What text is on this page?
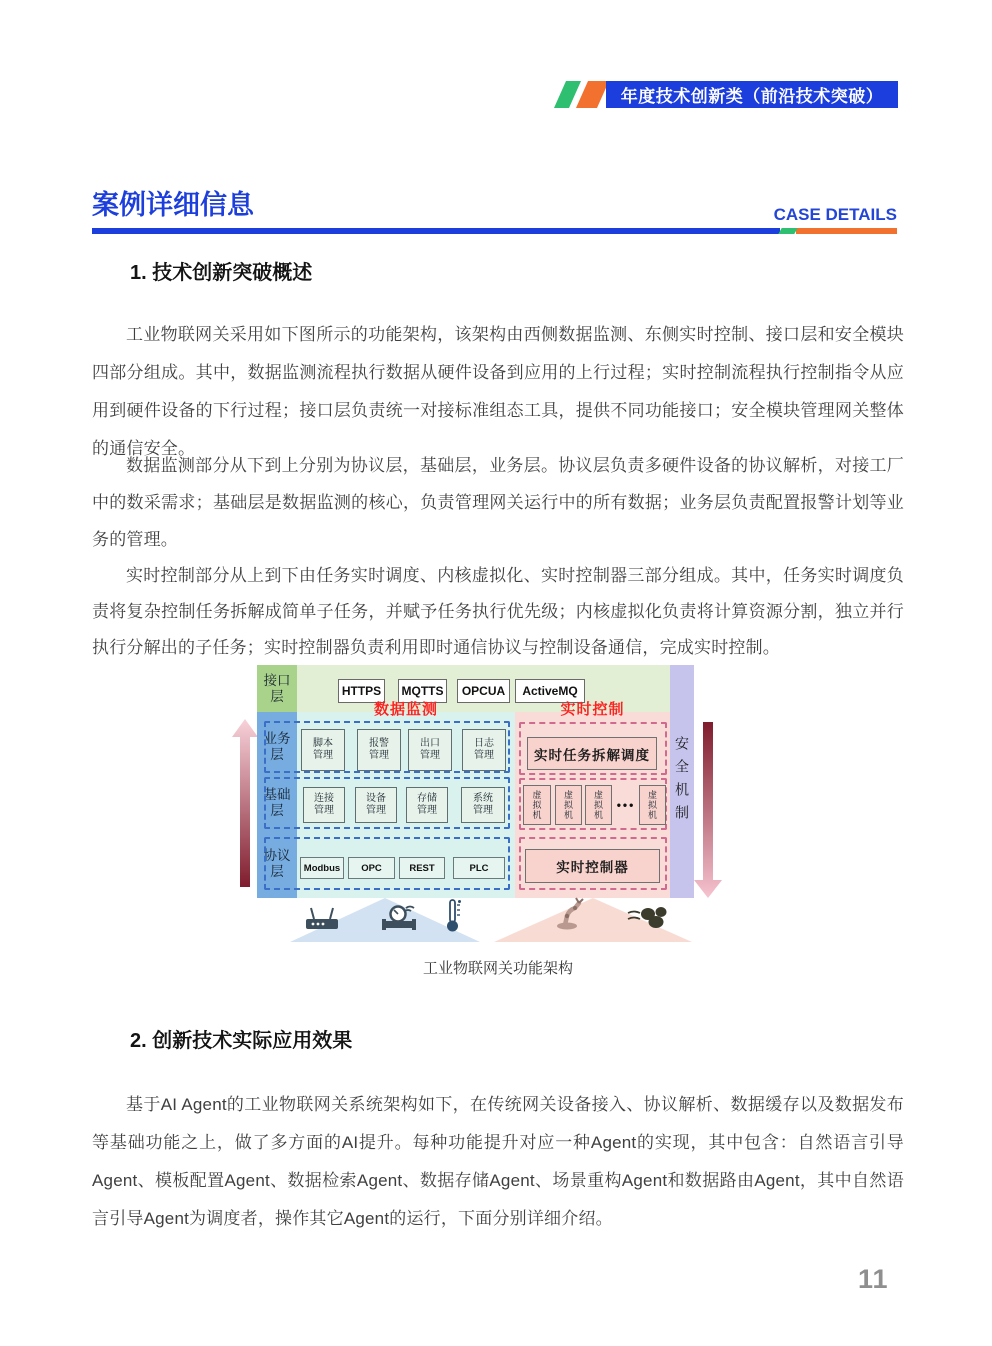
年度技术创新类（前沿技术突破）
案例详细信息	CASE DETAILS
1. 技术创新突破概述
工业物联网关采用如下图所示的功能架构，该架构由西侧数据监测、东侧实时控制、接口层和安全模块四部分组成。其中，数据监测流程执行数据从硬件设备到应用的上行过程；实时控制流程执行控制指令从应用到硬件设备的下行过程；接口层负责统一对接标准组态工具，提供不同功能接口；安全模块管理网关整体的通信安全。
数据监测部分从下到上分别为协议层，基础层，业务层。协议层负责多硬件设备的协议解析，对接工厂中的数采需求；基础层是数据监测的核心，负责管理网关运行中的所有数据；业务层负责配置报警计划等业务的管理。
实时控制部分从上到下由任务实时调度、内核虚拟化、实时控制器三部分组成。其中，任务实时调度负责将复杂控制任务拆解成简单子任务，并赋予任务执行优先级；内核虚拟化负责将计算资源分割，独立并行执行分解出的子任务；实时控制器负责利用即时通信协议与控制设备通信，完成实时控制。
接口层
安全机制
HTTPS	MQTTS	OPCUA	ActiveMQ
数据监测	实时控制
业务层
基础层
协议层
脚本管理
报警管理
出口管理
日志管理	实时任务拆解调度
连接管理
设备管理
存储管理
系统管理
虚拟机
虚拟机
虚拟机
•••
虚拟机
Modbus	OPC	REST	PLC	实时控制器
工业物联网关功能架构
2. 创新技术实际应用效果
基于AI Agent的工业物联网关系统架构如下，在传统网关设备接入、协议解析、数据缓存以及数据发布等基础功能之上，做了多方面的AI提升。每种功能提升对应一种Agent的实现，其中包含：自然语言引导Agent、模板配置Agent、数据检索Agent、数据存储Agent、场景重构Agent和数据路由Agent，其中自然语言引导Agent为调度者，操作其它Agent的运行，下面分别详细介绍。
11
